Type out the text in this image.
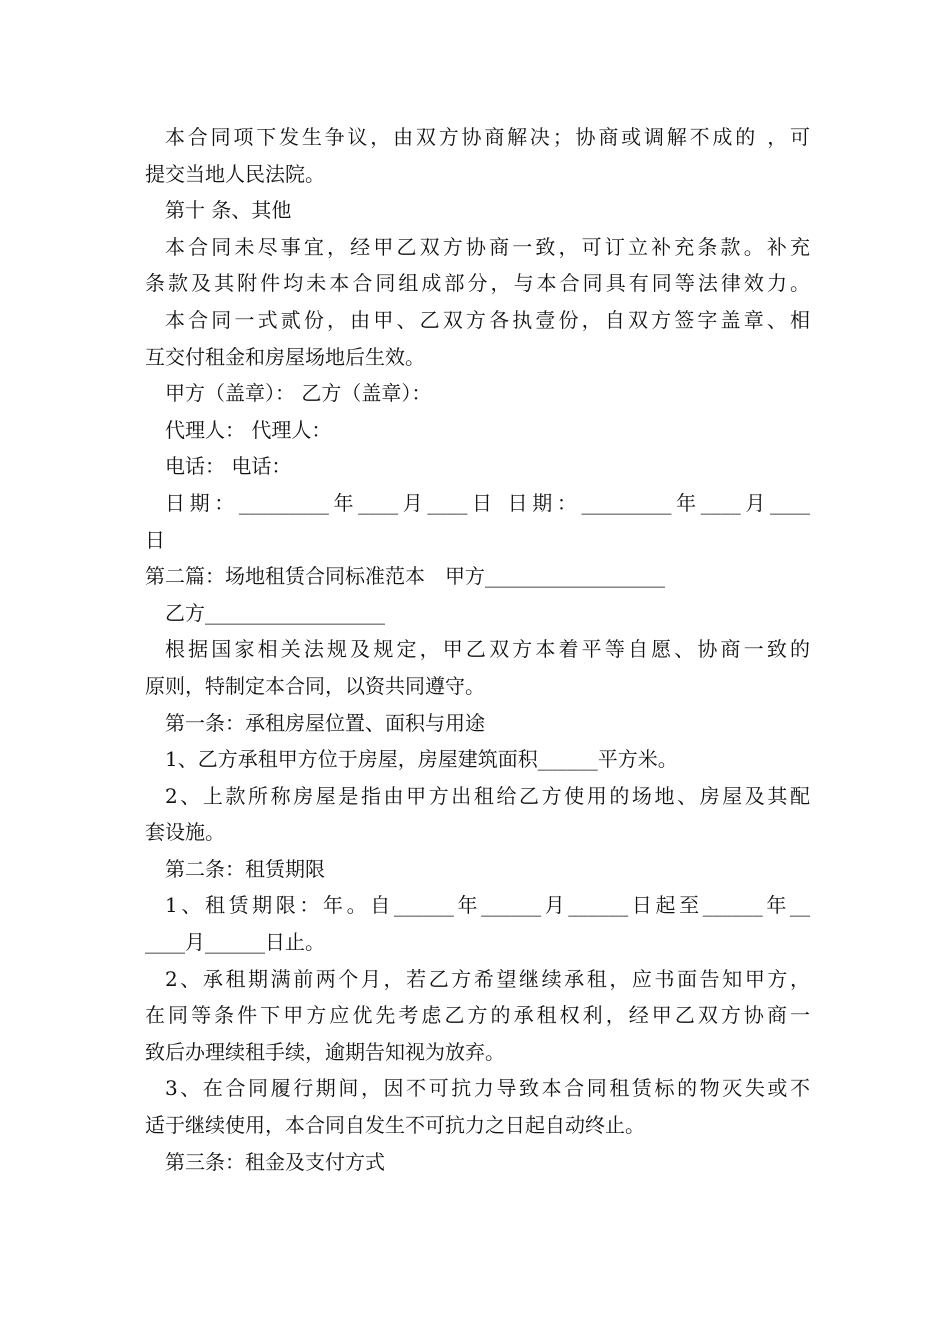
本合同项下发生争议，由双方协商解决；协商或调解不成的 ，可
提交当地人民法院。
第十 条、其他
本合同未尽事宜，经甲乙双方协商一致，可订立补充条款。补充
条款及其附件均未本合同组成部分，与本合同具有同等法律效力。
本合同一式贰份，由甲、乙双方各执壹份，自双方签字盖章、相
互交付租金和房屋场地后生效。
甲方（盖章）： 乙方（盖章）：
代理人： 代理人：
电话： 电话：
日期：_________年____月____日 日期：_________年____月____
日
第二篇：场地租赁合同标准范本　甲方__________________
乙方__________________
根据国家相关法规及规定，甲乙双方本着平等自愿、协商一致的
原则，特制定本合同，以资共同遵守。
第一条：承租房屋位置、面积与用途
1、乙方承租甲方位于房屋，房屋建筑面积______平方米。
2、上款所称房屋是指由甲方出租给乙方使用的场地、房屋及其配
套设施。
第二条：租赁期限
1、租赁期限：年。自______年______月______日起至______年__
____月______日止。
2、承租期满前两个月，若乙方希望继续承租，应书面告知甲方，
在同等条件下甲方应优先考虑乙方的承租权利，经甲乙双方协商一
致后办理续租手续，逾期告知视为放弃。
3、在合同履行期间，因不可抗力导致本合同租赁标的物灭失或不
适于继续使用，本合同自发生不可抗力之日起自动终止。
第三条：租金及支付方式
